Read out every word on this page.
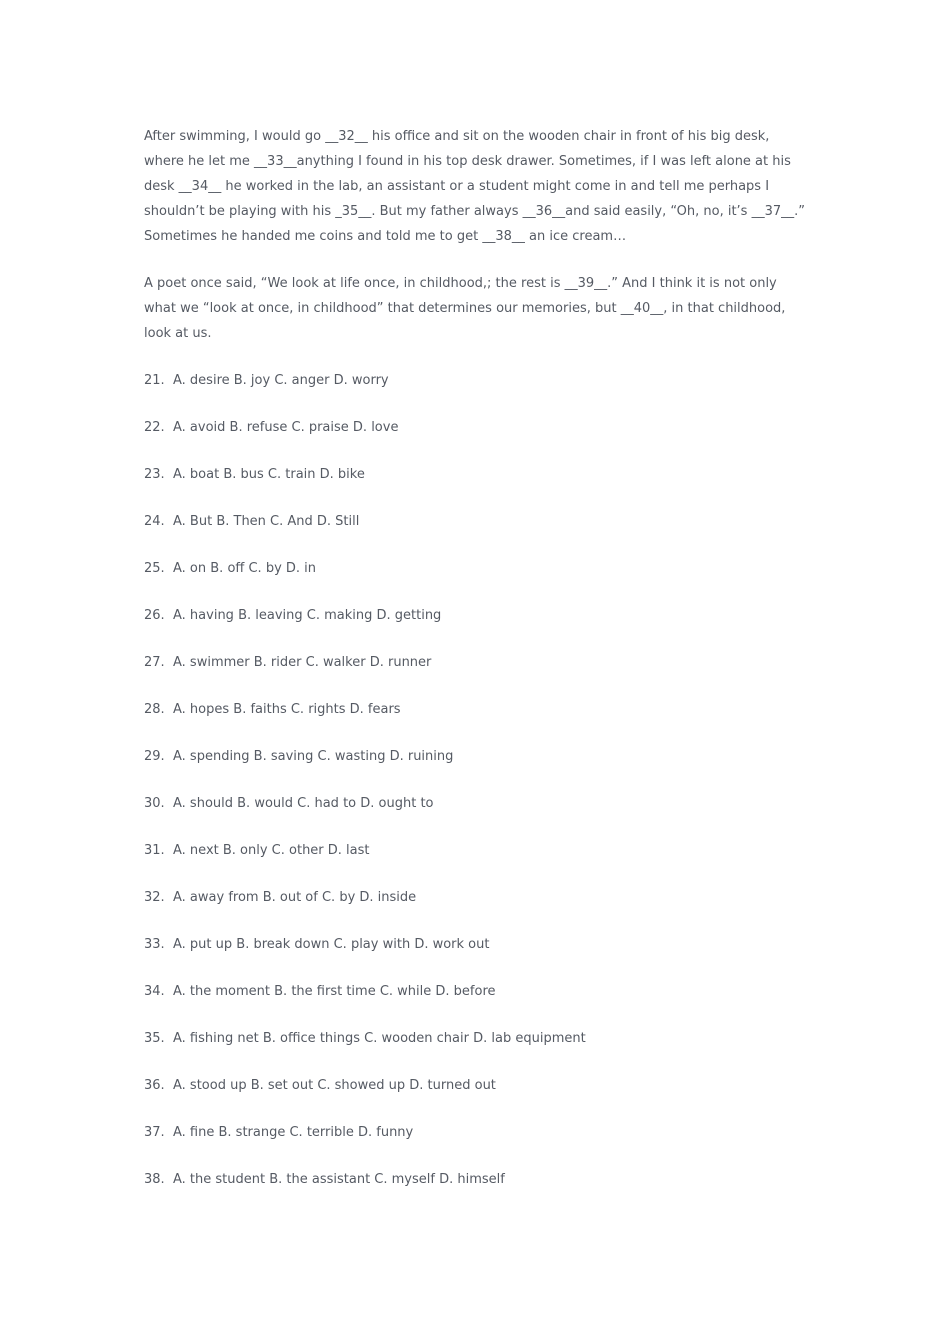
After swimming, I would go __32__ his office and sit on the wooden chair in front of his big desk, where he let me __33__anything I found in his top desk drawer. Sometimes, if I was left alone at his desk __34__ he worked in the lab, an assistant or a student might come in and tell me perhaps I shouldn’t be playing with his _35__. But my father always __36__and said easily, “Oh, no, it’s __37__.” Sometimes he handed me coins and told me to get __38__ an ice cream…

A poet once said, “We look at life once, in childhood,; the rest is __39__.” And I think it is not only what we “look at once, in childhood” that determines our memories, but __40__, in that childhood, look at us.

21. A. desire B. joy C. anger D. worry
22. A. avoid B. refuse C. praise D. love
23. A. boat B. bus C. train D. bike
24. A. But B. Then C. And D. Still
25. A. on B. off C. by D. in
26. A. having B. leaving C. making D. getting
27. A. swimmer B. rider C. walker D. runner
28. A. hopes B. faiths C. rights D. fears
29. A. spending B. saving C. wasting D. ruining
30. A. should B. would C. had to D. ought to
31. A. next B. only C. other D. last
32. A. away from B. out of C. by D. inside
33. A. put up B. break down C. play with D. work out
34. A. the moment B. the first time C. while D. before
35. A. fishing net B. office things C. wooden chair D. lab equipment
36. A. stood up B. set out C. showed up D. turned out
37. A. fine B. strange C. terrible D. funny
38. A. the student B. the assistant C. myself D. himself
